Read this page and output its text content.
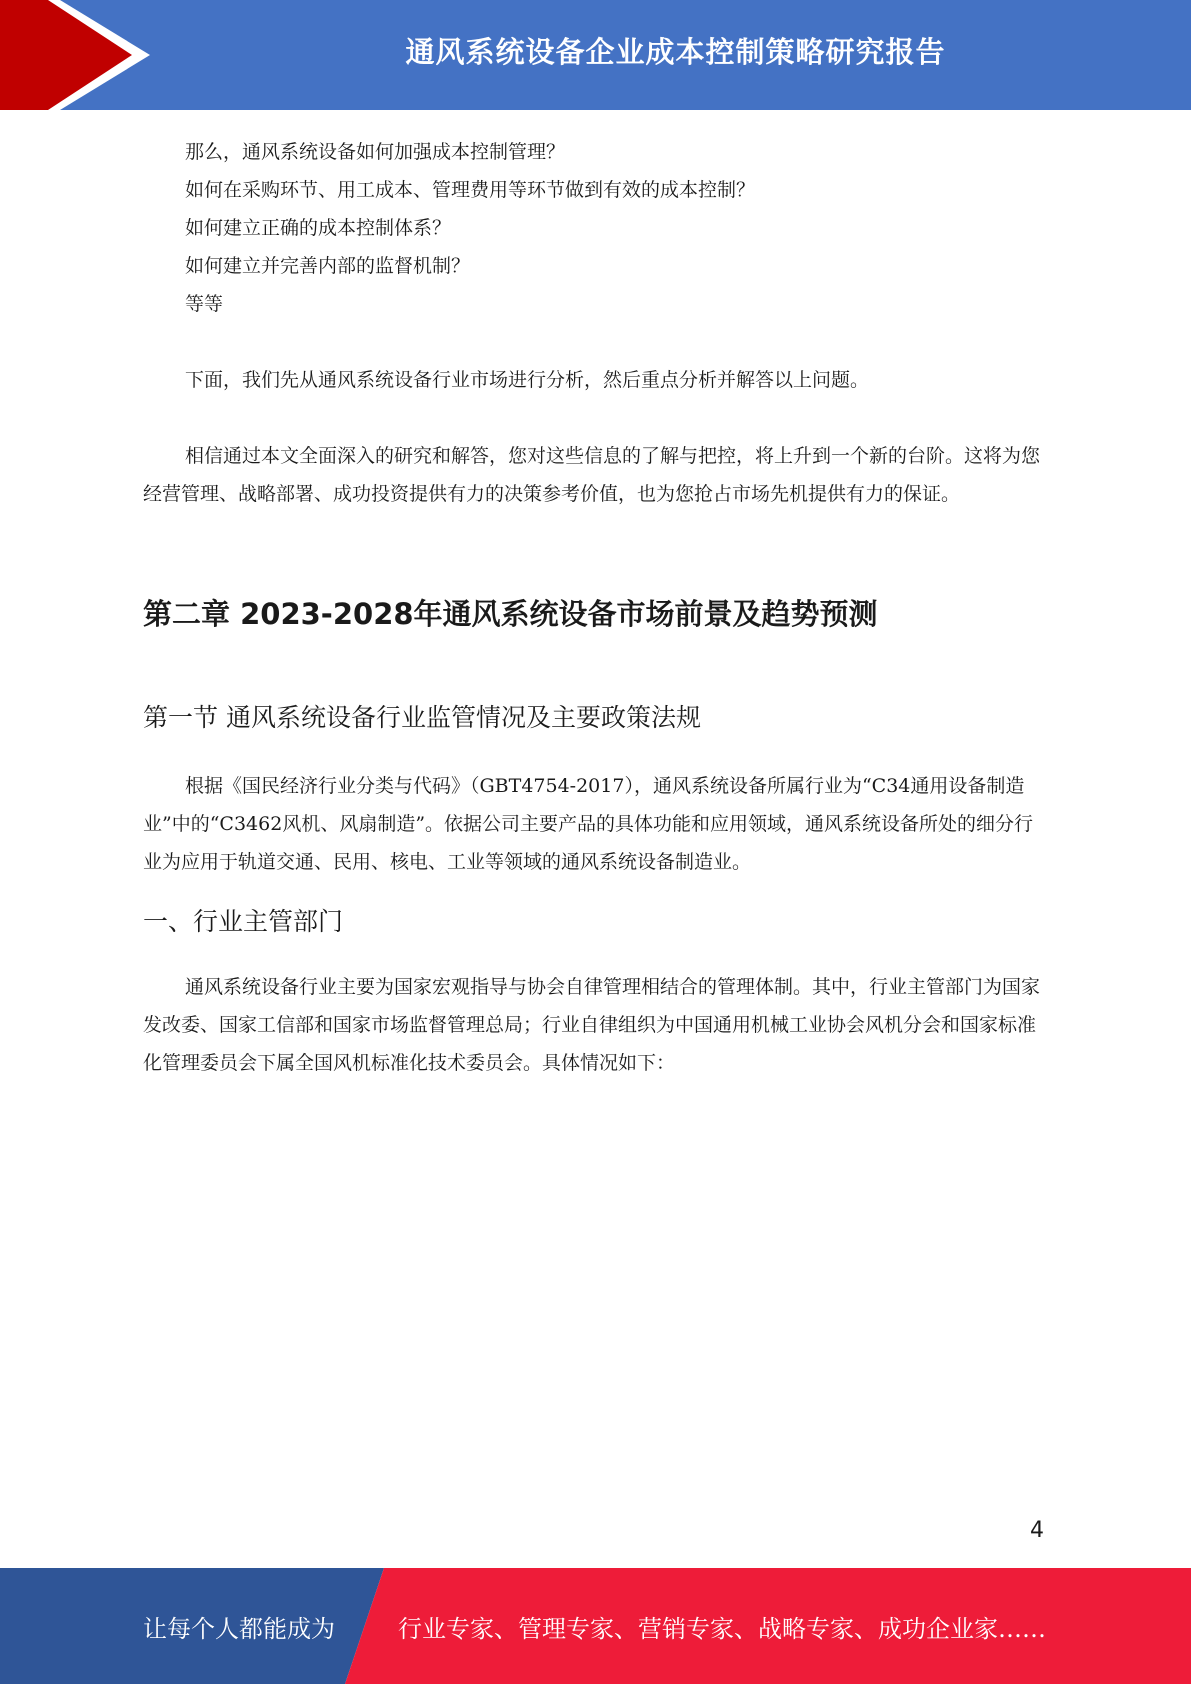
通风系统设备企业成本控制策略研究报告
那么，通风系统设备如何加强成本控制管理？
如何在采购环节、用工成本、管理费用等环节做到有效的成本控制？
如何建立正确的成本控制体系？
如何建立并完善内部的监督机制？
等等

下面，我们先从通风系统设备行业市场进行分析，然后重点分析并解答以上问题。

相信通过本文全面深入的研究和解答，您对这些信息的了解与把控，将上升到一个新的台阶。这将为您经营管理、战略部署、成功投资提供有力的决策参考价值，也为您抢占市场先机提供有力的保证。

第二章 2023-2028年通风系统设备市场前景及趋势预测
第一节 通风系统设备行业监管情况及主要政策法规

根据《国民经济行业分类与代码》（GBT4754-2017），通风系统设备所属行业为“C34通用设备制造业”中的“C3462风机、风扇制造”。依据公司主要产品的具体功能和应用领域，通风系统设备所处的细分行业为应用于轨道交通、民用、核电、工业等领域的通风系统设备制造业。

一、行业主管部门

通风系统设备行业主要为国家宏观指导与协会自律管理相结合的管理体制。其中，行业主管部门为国家发改委、国家工信部和国家市场监督管理总局；行业自律组织为中国通用机械工业协会风机分会和国家标准化管理委员会下属全国风机标准化技术委员会。具体情况如下：

4
让每个人都能成为	行业专家、管理专家、营销专家、战略专家、成功企业家……
